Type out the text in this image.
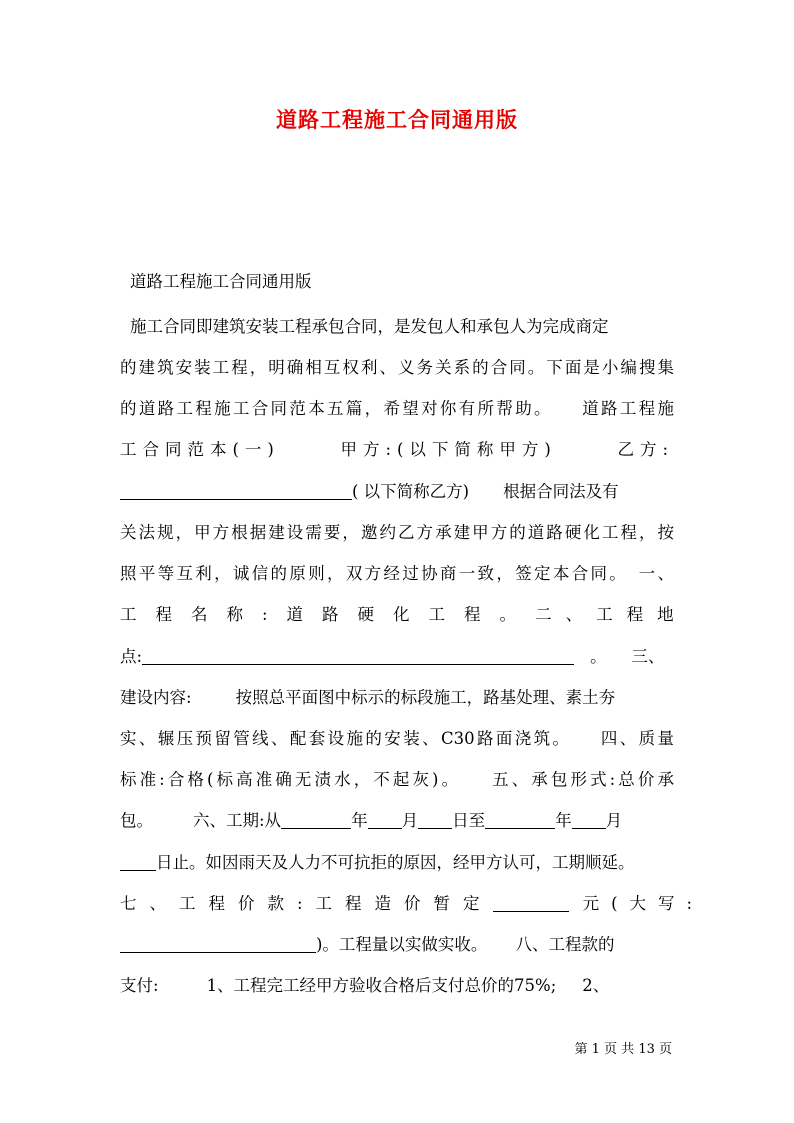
道路工程施工合同通用版
道路工程施工合同通用版
施工合同即建筑安装工程承包合同，是发包人和承包人为完成商定
的建筑安装工程，明确相互权利、义务关系的合同。下面是小编搜集
的道路工程施工合同范本五篇，希望对你有所帮助。　　道路工程施
工合同范本(一)	甲方:(以下简称甲方)	乙方:
( 以下简称乙方) 根据合同法及有
关法规，甲方根据建设需要，邀约乙方承建甲方的道路硬化工程，按
照平等互利，诚信的原则，双方经过协商一致，签定本合同。　一、
工程名称:道路硬化工程。 二、工程地
点:	。　　三、
建设内容:	按照总平面图中标示的标段施工，路基处理、素土夯
实、辗压预留管线、配套设施的安装、C30路面浇筑。　　四、质量
标准:合格(标高准确无渍水，不起灰)。　　五、承包形式:总价承
包。 六、工期:从	年 月 日至	年 月
日止。如因雨天及人力不可抗拒的原因，经甲方认可，工期顺延。
七、工程价款:工程造价暂定	元(大写:
)。工程量以实做实收。 八、工程款的
支付:	1、工程完工经甲方验收合格后支付总价的75%; 2、
第 1 页 共 13 页
